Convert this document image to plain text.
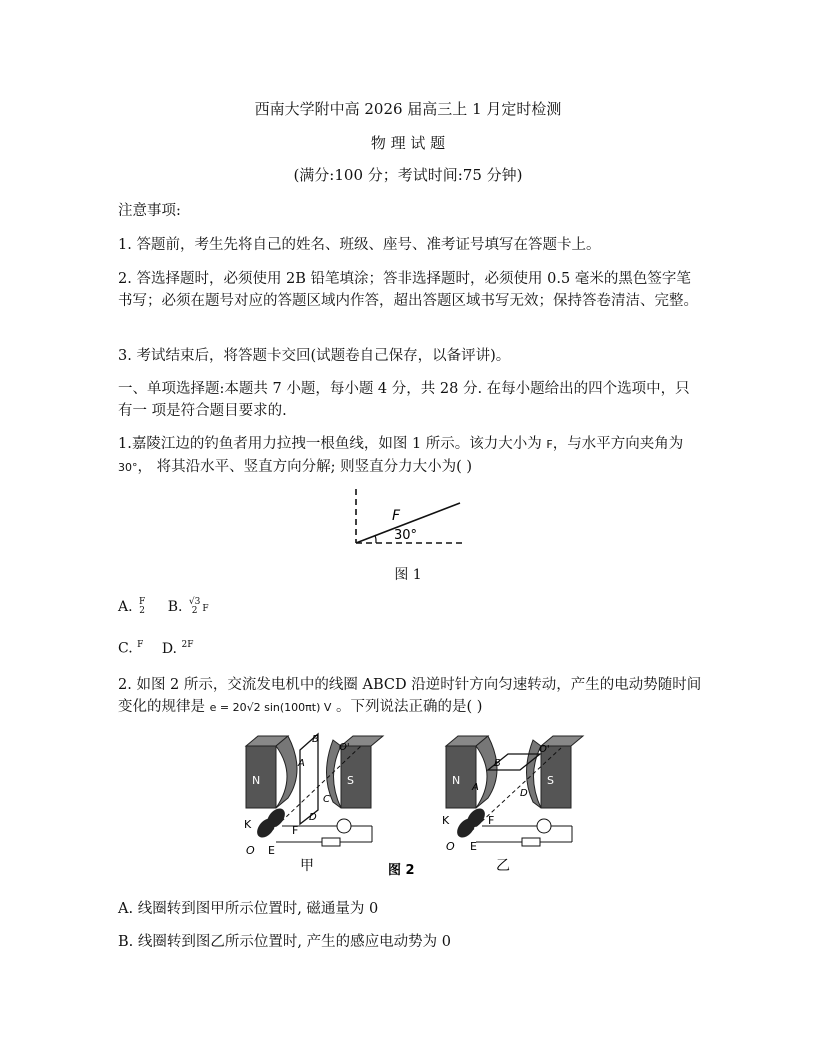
西南大学附中高 2026 届高三上 1 月定时检测
物 理 试 题
(满分:100 分；考试时间:75 分钟)
注意事项:
1. 答题前，考生先将自己的姓名、班级、座号、准考证号填写在答题卡上。
2. 答选择题时，必须使用 2B 铅笔填涂；答非选择题时，必须使用 0.5 毫米的黑色签字笔书写；必须在题号对应的答题区域内作答，超出答题区域书写无效；保持答卷清洁、完整。
3. 考试结束后，将答题卡交回(试题卷自己保存，以备评讲)。
一、单项选择题:本题共 7 小题，每小题 4 分，共 28 分. 在每小题给出的四个选项中，只有一 项是符合题目要求的.
1.嘉陵江边的钓鱼者用力拉拽一根鱼线，如图 1 所示。该力大小为 F，与水平方向夹角为 30°， 将其沿水平、竖直方向分解; 则竖直分力大小为( )
F
30°
图 1
A. F
2 B. √3
2 F
C. $^F$ D. $^{2F}$
2. 如图 2 所示，交流发电机中的线圈 ABCD 沿逆时针方向匀速转动，产生的电动势随时间变化的规律是 e = 20√2 sin(100πt) V 。下列说法正确的是( )
N	S
B
A
C
D
O'
K	F
O E
甲
N	S
B
A
D
O'
K	F
O E
乙
图 2
A. 线圈转到图甲所示位置时, 磁通量为 0
B. 线圈转到图乙所示位置时, 产生的感应电动势为 0
